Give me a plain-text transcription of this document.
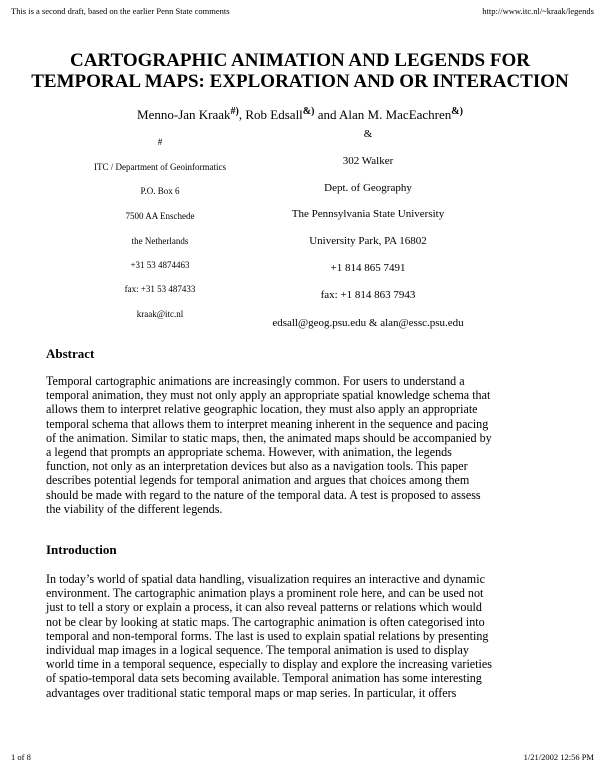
This is a second draft, based on the earlier Penn State comments	http://www.itc.nl/~kraak/legends
CARTOGRAPHIC ANIMATION AND LEGENDS FOR
TEMPORAL MAPS: EXPLORATION AND OR INTERACTION
Menno-Jan Kraak#), Rob Edsall&) and Alan M. MacEachren&)
#
ITC / Department of Geoinformatics
P.O. Box 6
7500 AA Enschede
the Netherlands
+31 53 4874463
fax: +31 53 487433
kraak@itc.nl
&
302 Walker
Dept. of Geography
The Pennsylvania State University
University Park, PA 16802
+1 814 865 7491
fax: +1 814 863 7943
edsall@geog.psu.edu & alan@essc.psu.edu
Abstract
Temporal cartographic animations are increasingly common. For users to understand a
temporal animation, they must not only apply an appropriate spatial knowledge schema that
allows them to interpret relative geographic location, they must also apply an appropriate
temporal schema that allows them to interpret meaning inherent in the sequence and pacing
of the animation. Similar to static maps, then, the animated maps should be accompanied by
a legend that prompts an appropriate schema. However, with animation, the legends
function, not only as an interpretation devices but also as a navigation tools. This paper
describes potential legends for temporal animation and argues that choices among them
should be made with regard to the nature of the temporal data. A test is proposed to assess
the viability of the different legends.
Introduction
In today’s world of spatial data handling, visualization requires an interactive and dynamic
environment. The cartographic animation plays a prominent role here, and can be used not
just to tell a story or explain a process, it can also reveal patterns or relations which would
not be clear by looking at static maps. The cartographic animation is often categorised into
temporal and non-temporal forms. The last is used to explain spatial relations by presenting
individual map images in a logical sequence. The temporal animation is used to display
world time in a temporal sequence, especially to display and explore the increasing varieties
of spatio-temporal data sets becoming available. Temporal animation has some interesting
advantages over traditional static temporal maps or map series. In particular, it offers
1 of 8	1/21/2002 12:56 PM
